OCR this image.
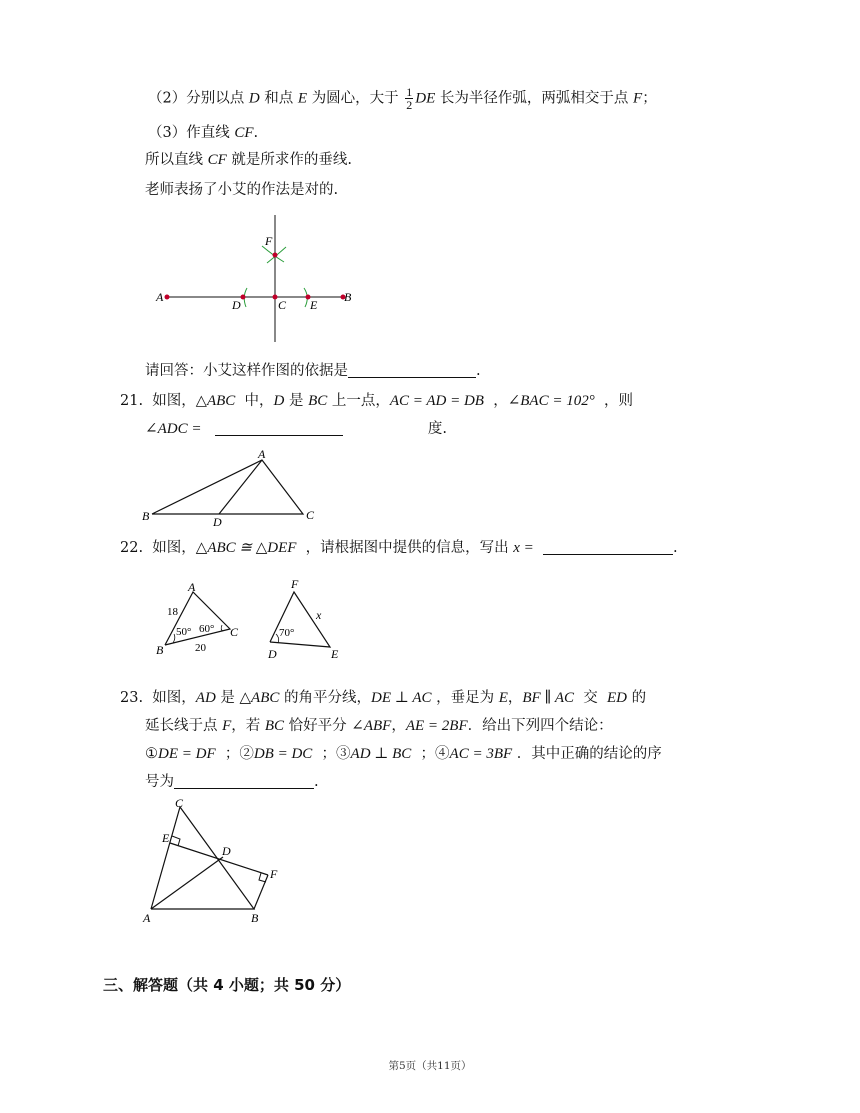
（2）分别以点 D 和点 E 为圆心，大于 $\frac{1}{2}$ DE 长为半径作弧，两弧相交于点 F；
（3）作直线 CF.
所以直线 CF 就是所求作的垂线.
老师表扬了小艾的作法是对的.
F
A
D	C E
B
请回答：小艾这样作图的依据是	.
21. 如图，△ABC 中，D 是 BC 上一点，AC = AD = DB ，∠BAC = 102° ，则
∠ADC =	度.
A
B	D	C
22. 如图，△ABC ≅ △DEF ，请根据图中提供的信息，写出 x =	.
A
B
C
18
20
50° 60°
F
D	E
x
70°
23. 如图，AD 是 △ABC 的角平分线，DE ⊥ AC ，垂足为 E，BF ∥ AC 交 ED 的
延长线于点 F，若 BC 恰好平分 ∠ABF，AE = 2BF．给出下列四个结论：
①DE = DF ；②DB = DC ；③AD ⊥ BC ；④AC = 3BF ．其中正确的结论的序
号为	.
C
E
D
F
A	B
三、解答题（共 4 小题；共 50 分）
第5页（共11页）
